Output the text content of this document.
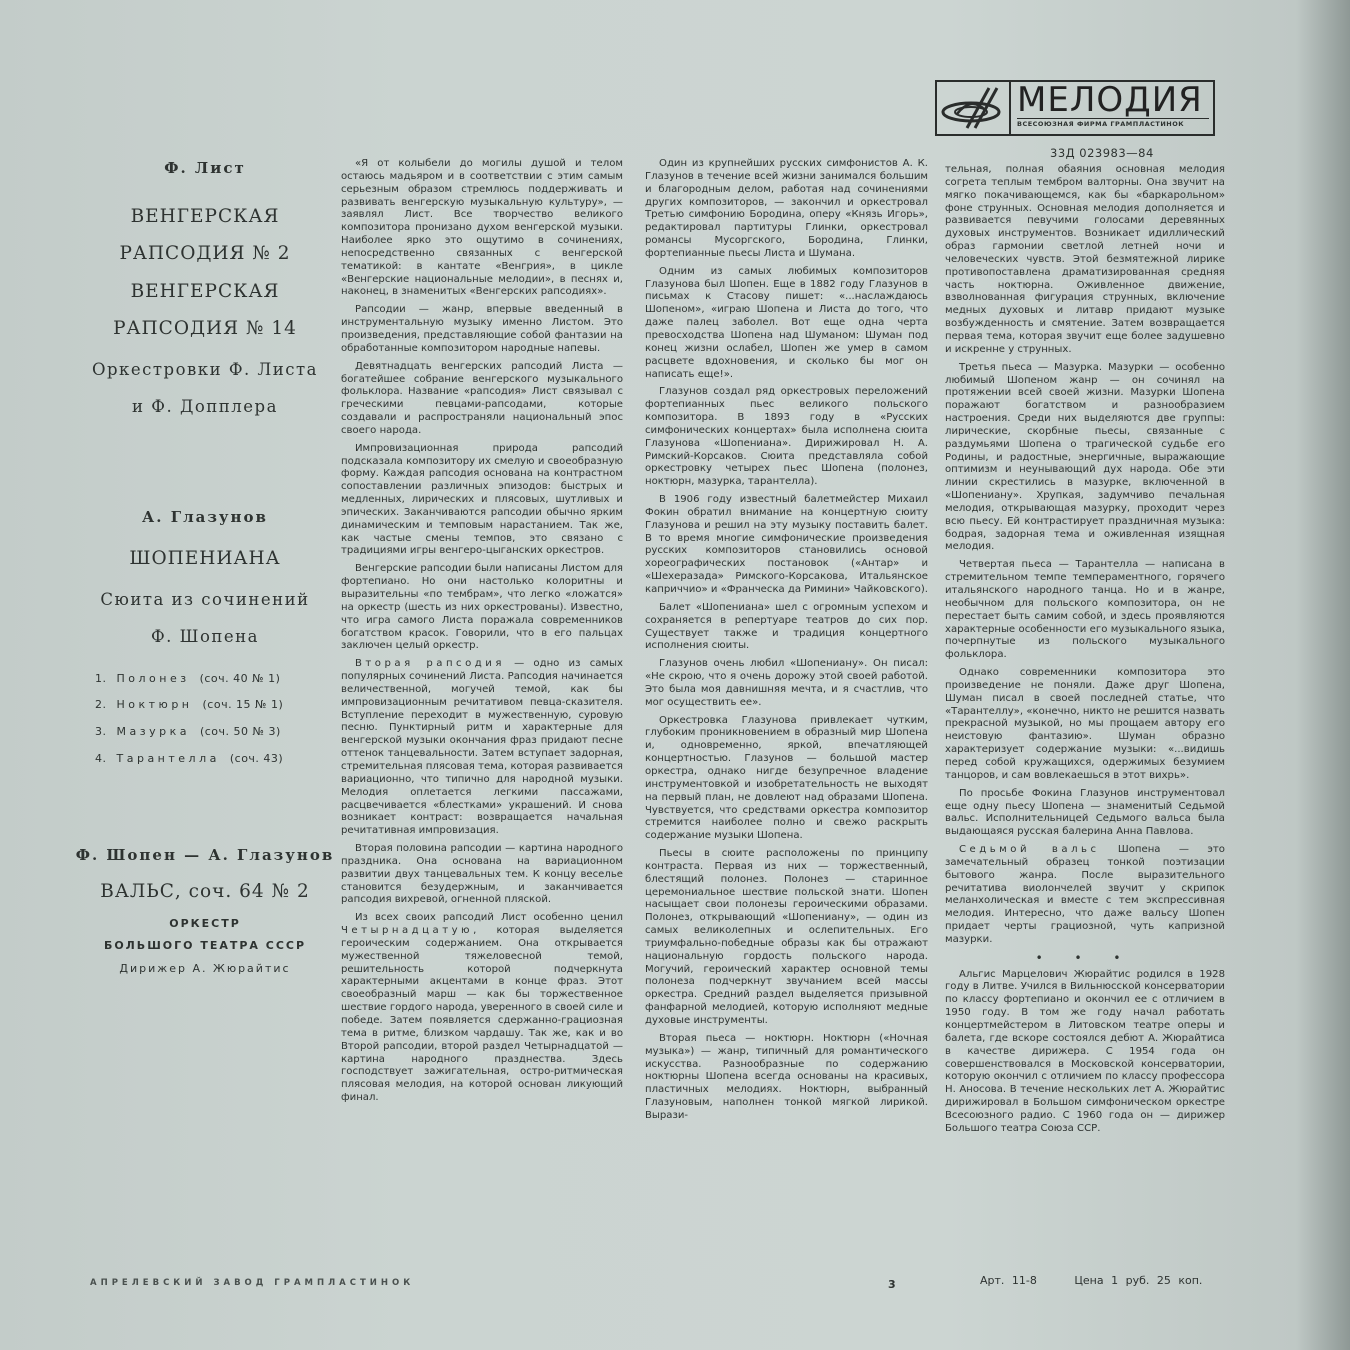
Ф. Лист
ВЕНГЕРСКАЯ
РАПСОДИЯ № 2
ВЕНГЕРСКАЯ
РАПСОДИЯ № 14
Оркестровки Ф. Листа
и Ф. Допплера
А. Глазунов
ШОПЕНИАНА
Сюита из сочинений
Ф. Шопена
1. Полонез (соч. 40 № 1)
2. Ноктюрн (соч. 15 № 1)
3. Мазурка (соч. 50 № 3)
4. Тарантелла (соч. 43)
Ф. Шопен — А. Глазунов
ВАЛЬС, соч. 64 № 2
ОРКЕСТР
БОЛЬШОГО ТЕАТРА СССР
Дирижер А. Жюрайтис
МЕЛОДИЯ
ВСЕСОЮЗНАЯ ФИРМА ГРАМПЛАСТИНОК
33Д 023983—84

«Я от колыбели до могилы душой и телом остаюсь мадьяром и в соответствии с этим самым серьезным образом стремлюсь поддерживать и развивать венгерскую музыкальную культуру», — заявлял Лист. Все творчество великого композитора пронизано духом венгерской музыки. Наиболее ярко это ощутимо в сочинениях, непосредственно связанных с венгерской тематикой: в кантате «Венгрия», в цикле «Венгерские национальные мелодии», в песнях и, наконец, в знаменитых «Венгерских рапсодиях».

Рапсодии — жанр, впервые введенный в инструментальную музыку именно Листом. Это произведения, представляющие собой фантазии на обработанные композитором народные напевы.

Девятнадцать венгерских рапсодий Листа — богатейшее собрание венгерского музыкального фольклора. Название «рапсодия» Лист связывал с греческими певцами-рапсодами, которые создавали и распространяли национальный эпос своего народа.

Импровизационная природа рапсодий подсказала композитору их смелую и своеобразную форму. Каждая рапсодия основана на контрастном сопоставлении различных эпизодов: быстрых и медленных, лирических и плясовых, шутливых и эпических. Заканчиваются рапсодии обычно ярким динамическим и темповым нарастанием. Так же, как частые смены темпов, это связано с традициями игры венгеро-цыганских оркестров.

Венгерские рапсодии были написаны Листом для фортепиано. Но они настолько колоритны и выразительны «по тембрам», что легко «ложатся» на оркестр (шесть из них оркестрованы). Известно, что игра самого Листа поражала современников богатством красок. Говорили, что в его пальцах заключен целый оркестр.

Вторая рапсодия — одно из самых популярных сочинений Листа. Рапсодия начинается величественной, могучей темой, как бы импровизационным речитативом певца-сказителя. Вступление переходит в мужественную, суровую песню. Пунктирный ритм и характерные для венгерской музыки окончания фраз придают песне оттенок танцевальности. Затем вступает задорная, стремительная плясовая тема, которая развивается вариационно, что типично для народной музыки. Мелодия оплетается легкими пассажами, расцвечивается «блестками» украшений. И снова возникает контраст: возвращается начальная речитативная импровизация.

Вторая половина рапсодии — картина народного праздника. Она основана на вариационном развитии двух танцевальных тем. К концу веселье становится безудержным, и заканчивается рапсодия вихревой, огненной пляской.

Из всех своих рапсодий Лист особенно ценил Четырнадцатую, которая выделяется героическим содержанием. Она открывается мужественной тяжеловесной темой, решительность которой подчеркнута характерными акцентами в конце фраз. Этот своеобразный марш — как бы торжественное шествие гордого народа, уверенного в своей силе и победе. Затем появляется сдержанно-грациозная тема в ритме, близком чардашу. Так же, как и во Второй рапсодии, второй раздел Четырнадцатой — картина народного празднества. Здесь господствует зажигательная, остро-ритмическая плясовая мелодия, на которой основан ликующий финал.

Один из крупнейших русских симфонистов А. К. Глазунов в течение всей жизни занимался большим и благородным делом, работая над сочинениями других композиторов, — закончил и оркестровал Третью симфонию Бородина, оперу «Князь Игорь», редактировал партитуры Глинки, оркестровал романсы Мусоргского, Бородина, Глинки, фортепианные пьесы Листа и Шумана.

Одним из самых любимых композиторов Глазунова был Шопен. Еще в 1882 году Глазунов в письмах к Стасову пишет: «...наслаждаюсь Шопеном», «играю Шопена и Листа до того, что даже палец заболел. Вот еще одна черта превосходства Шопена над Шуманом: Шуман под конец жизни ослабел, Шопен же умер в самом расцвете вдохновения, и сколько бы мог он написать еще!».

Глазунов создал ряд оркестровых переложений фортепианных пьес великого польского композитора. В 1893 году в «Русских симфонических концертах» была исполнена сюита Глазунова «Шопениана». Дирижировал Н. А. Римский-Корсаков. Сюита представляла собой оркестровку четырех пьес Шопена (полонез, ноктюрн, мазурка, тарантелла).

В 1906 году известный балетмейстер Михаил Фокин обратил внимание на концертную сюиту Глазунова и решил на эту музыку поставить балет. В то время многие симфонические произведения русских композиторов становились основой хореографических постановок («Антар» и «Шехеразада» Римского-Корсакова, Итальянское каприччио» и «Франческа да Римини» Чайковского).

Балет «Шопениана» шел с огромным успехом и сохраняется в репертуаре театров до сих пор. Существует также и традиция концертного исполнения сюиты.

Глазунов очень любил «Шопениану». Он писал: «Не скрою, что я очень дорожу этой своей работой. Это была моя давнишняя мечта, и я счастлив, что мог осуществить ее».

Оркестровка Глазунова привлекает чутким, глубоким проникновением в образный мир Шопена и, одновременно, яркой, впечатляющей концертностью. Глазунов — большой мастер оркестра, однако нигде безупречное владение инструментовкой и изобретательность не выходят на первый план, не довлеют над образами Шопена. Чувствуется, что средствами оркестра композитор стремится наиболее полно и свежо раскрыть содержание музыки Шопена.

Пьесы в сюите расположены по принципу контраста. Первая из них — торжественный, блестящий полонез. Полонез — старинное церемониальное шествие польской знати. Шопен насыщает свои полонезы героическими образами. Полонез, открывающий «Шопениану», — один из самых великолепных и ослепительных. Его триумфально-победные образы как бы отражают национальную гордость польского народа. Могучий, героический характер основной темы полонеза подчеркнут звучанием всей массы оркестра. Средний раздел выделяется призывной фанфарной мелодией, которую исполняют медные духовые инструменты.

Вторая пьеса — ноктюрн. Ноктюрн («Ночная музыка») — жанр, типичный для романтического искусства. Разнообразные по содержанию ноктюрны Шопена всегда основаны на красивых, пластичных мелодиях. Ноктюрн, выбранный Глазуновым, наполнен тонкой мягкой лирикой. Вырази-

тельная, полная обаяния основная мелодия согрета теплым тембром валторны. Она звучит на мягко покачивающемся, как бы «баркарольном» фоне струнных. Основная мелодия дополняется и развивается певучими голосами деревянных духовых инструментов. Возникает идиллический образ гармонии светлой летней ночи и человеческих чувств. Этой безмятежной лирике противопоставлена драматизированная средняя часть ноктюрна. Оживленное движение, взволнованная фигурация струнных, включение медных духовых и литавр придают музыке возбужденность и смятение. Затем возвращается первая тема, которая звучит еще более задушевно и искренне у струнных.

Третья пьеса — Мазурка. Мазурки — особенно любимый Шопеном жанр — он сочинял на протяжении всей своей жизни. Мазурки Шопена поражают богатством и разнообразием настроения. Среди них выделяются две группы: лирические, скорбные пьесы, связанные с раздумьями Шопена о трагической судьбе его Родины, и радостные, энергичные, выражающие оптимизм и неунывающий дух народа. Обе эти линии скрестились в мазурке, включенной в «Шопениану». Хрупкая, задумчиво печальная мелодия, открывающая мазурку, проходит через всю пьесу. Ей контрастирует праздничная музыка: бодрая, задорная тема и оживленная изящная мелодия.

Четвертая пьеса — Тарантелла — написана в стремительном темпе темпераментного, горячего итальянского народного танца. Но и в жанре, необычном для польского композитора, он не перестает быть самим собой, и здесь проявляются характерные особенности его музыкального языка, почерпнутые из польского музыкального фольклора.

Однако современники композитора это произведение не поняли. Даже друг Шопена, Шуман писал в своей последней статье, что «Тарантеллу», «конечно, никто не решится назвать прекрасной музыкой, но мы прощаем автору его неистовую фантазию». Шуман образно характеризует содержание музыки: «...видишь перед собой кружащихся, одержимых безумием танцоров, и сам вовлекаешься в этот вихрь».

По просьбе Фокина Глазунов инструментовал еще одну пьесу Шопена — знаменитый Седьмой вальс. Исполнительницей Седьмого вальса была выдающаяся русская балерина Анна Павлова.

Седьмой вальс Шопена — это замечательный образец тонкой поэтизации бытового жанра. После выразительного речитатива виолончелей звучит у скрипок меланхолическая и вместе с тем экспрессивная мелодия. Интересно, что даже вальсу Шопен придает черты грациозной, чуть капризной мазурки.

• • •

Альгис Марцелович Жюрайтис родился в 1928 году в Литве. Учился в Вильнюсской консерватории по классу фортепиано и окончил ее с отличием в 1950 году. В том же году начал работать концертмейстером в Литовском театре оперы и балета, где вскоре состоялся дебют А. Жюрайтиса в качестве дирижера. С 1954 года он совершенствовался в Московской консерватории, которую окончил с отличием по классу профессора Н. Аносова. В течение нескольких лет А. Жюрайтис дирижировал в Большом симфоническом оркестре Всесоюзного радио. С 1960 года он — дирижер Большого театра Союза ССР.

АПРЕЛЕВСКИЙ ЗАВОД ГРАМПЛАСТИНОК	3	Арт. 11-8	Цена 1 руб. 25 коп.
